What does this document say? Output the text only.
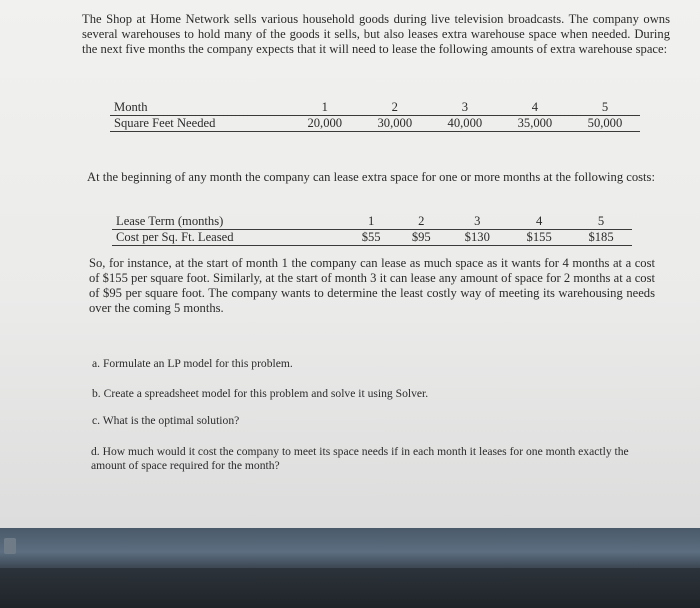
The Shop at Home Network sells various household goods during live television broadcasts. The company owns several warehouses to hold many of the goods it sells, but also leases extra warehouse space when needed. During the next five months the company expects that it will need to lease the following amounts of extra warehouse space:

Month	1	2	3	4	5
Square Feet Needed	20,000	30,000	40,000	35,000	50,000

At the beginning of any month the company can lease extra space for one or more months at the following costs:

Lease Term (months)	1	2	3	4	5
Cost per Sq. Ft. Leased	$55	$95	$130	$155	$185

So, for instance, at the start of month 1 the company can lease as much space as it wants for 4 months at a cost of $155 per square foot. Similarly, at the start of month 3 it can lease any amount of space for 2 months at a cost of $95 per square foot. The company wants to determine the least costly way of meeting its warehousing needs over the coming 5 months.

a. Formulate an LP model for this problem.

b. Create a spreadsheet model for this problem and solve it using Solver.

c. What is the optimal solution?

d. How much would it cost the company to meet its space needs if in each month it leases for one month exactly the amount of space required for the month?
